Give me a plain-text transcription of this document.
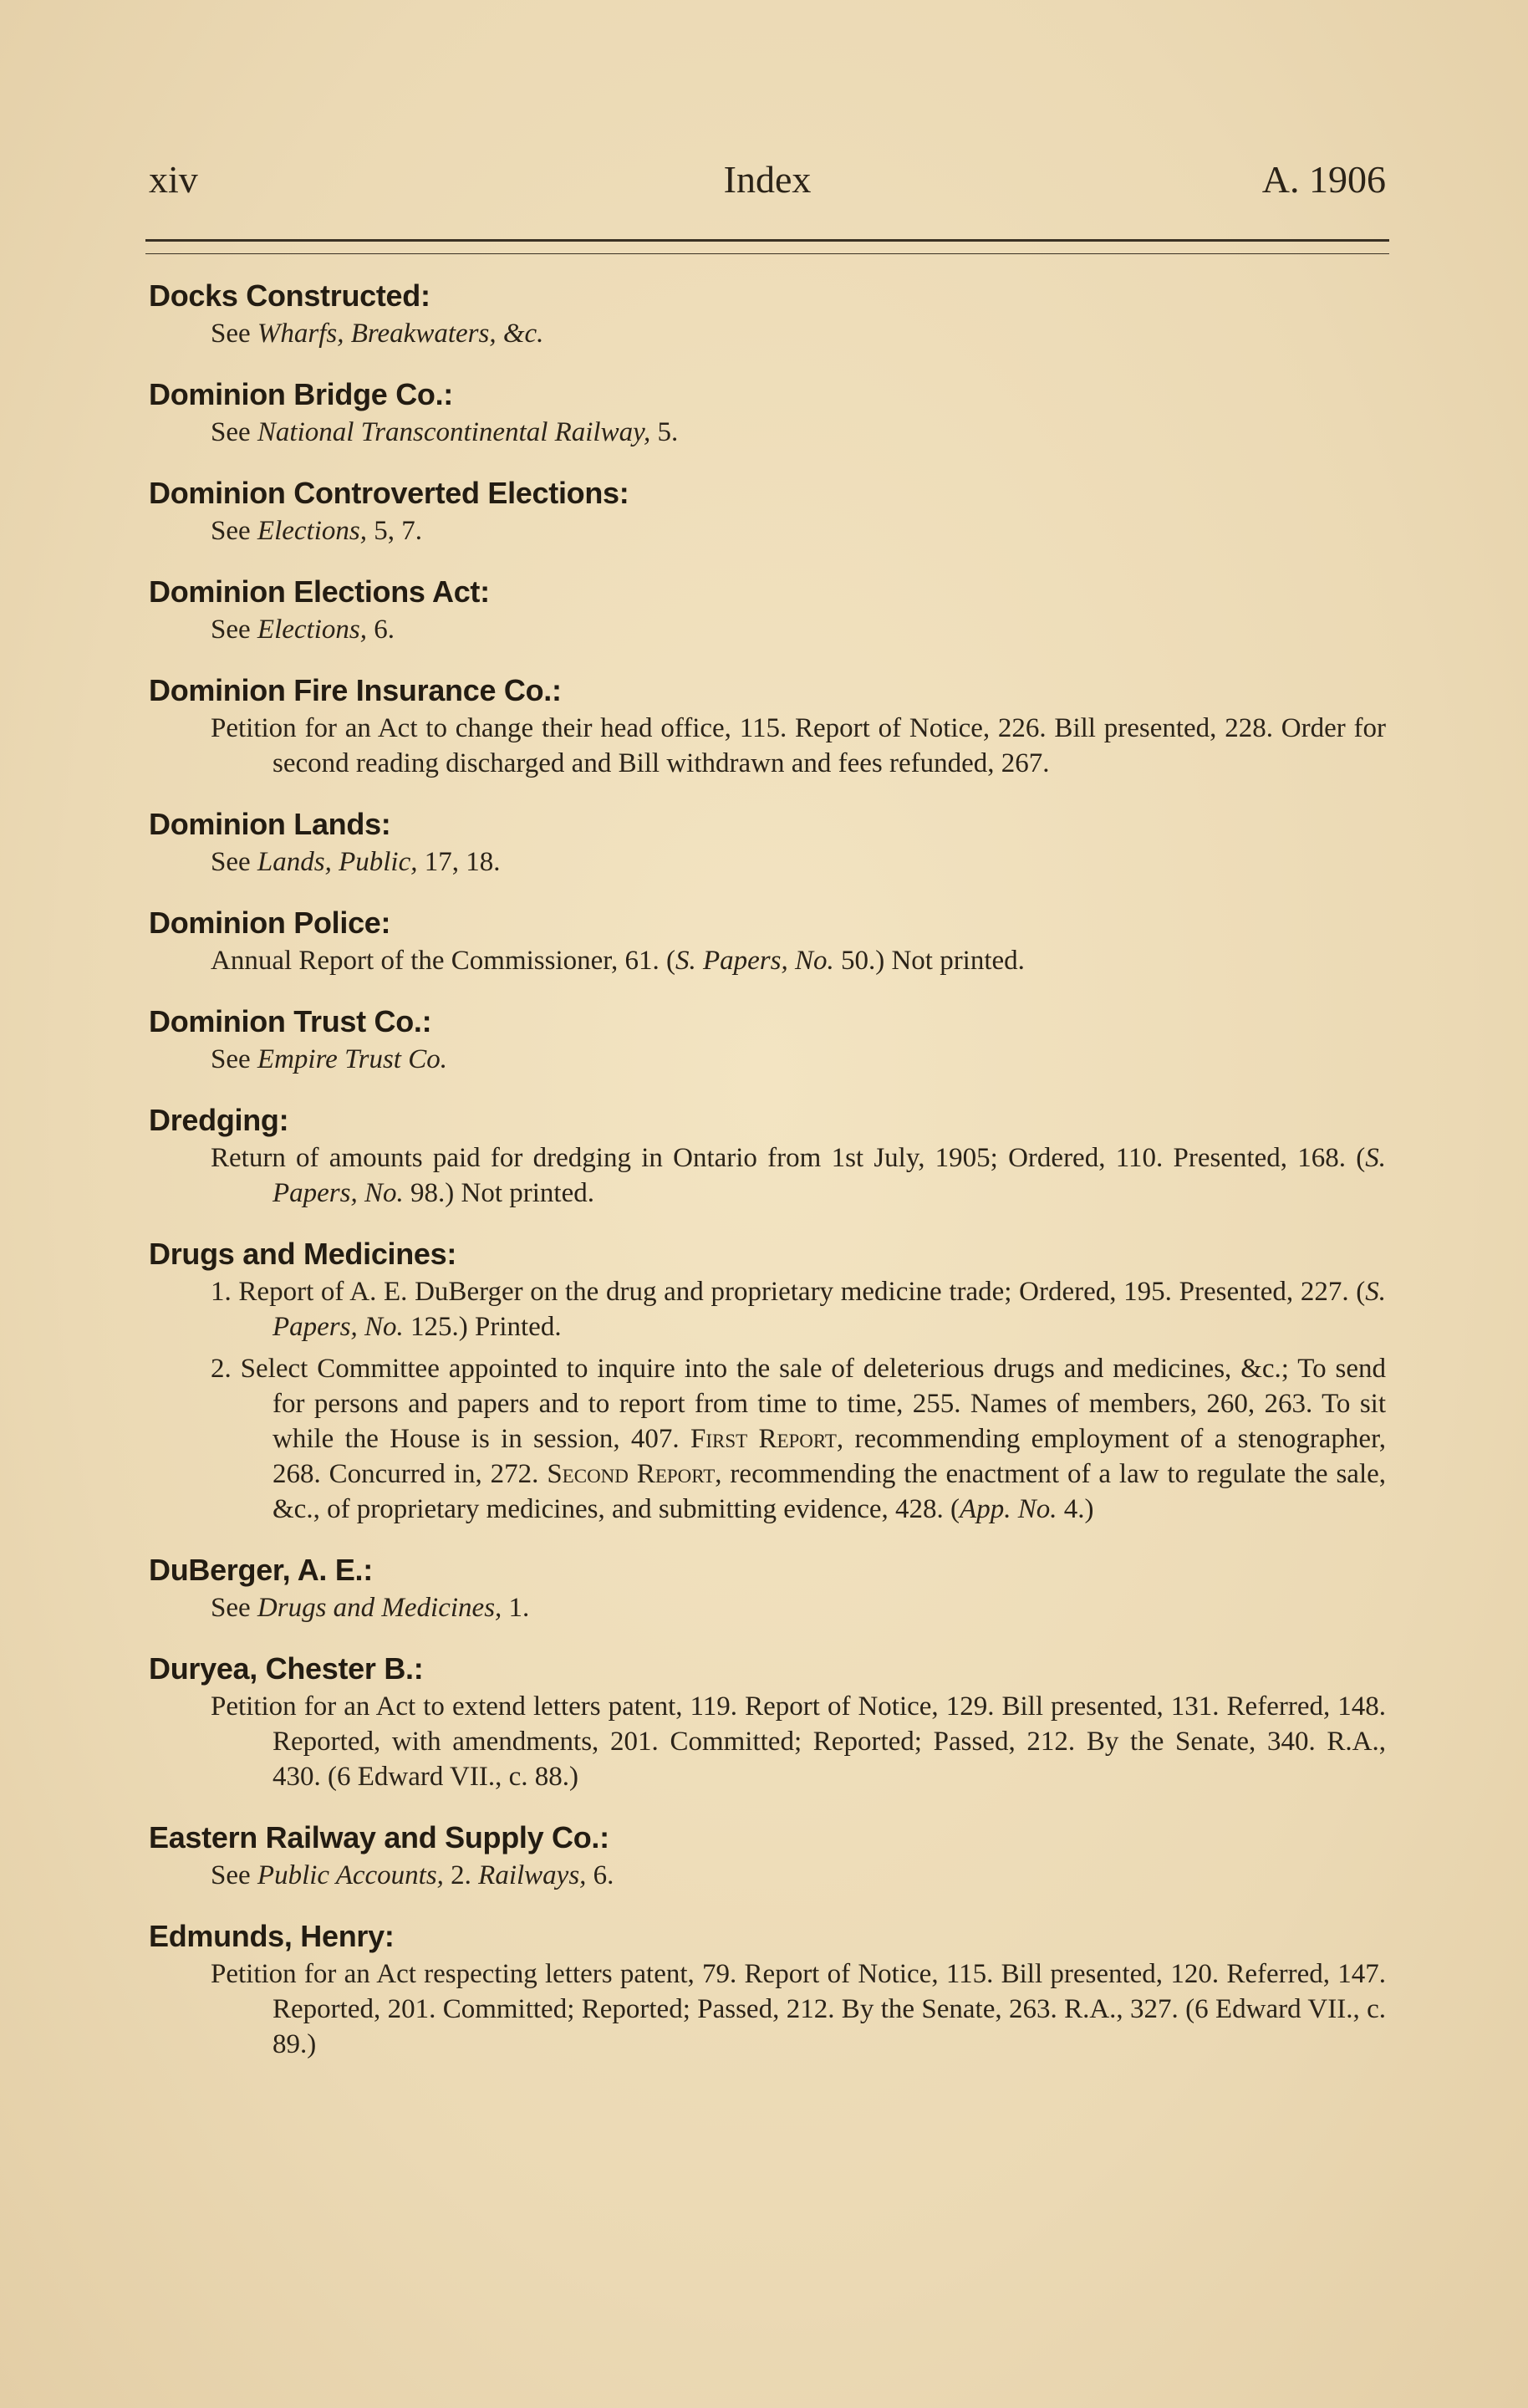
xiv	Index	A. 1906
Docks Constructed:
See Wharfs, Breakwaters, &c.
Dominion Bridge Co.:
See National Transcontinental Railway, 5.
Dominion Controverted Elections:
See Elections, 5, 7.
Dominion Elections Act:
See Elections, 6.
Dominion Fire Insurance Co.:
Petition for an Act to change their head office, 115. Report of Notice, 226. Bill presented, 228. Order for second reading discharged and Bill withdrawn and fees refunded, 267.
Dominion Lands:
See Lands, Public, 17, 18.
Dominion Police:
Annual Report of the Commissioner, 61. (S. Papers, No. 50.) Not printed.
Dominion Trust Co.:
See Empire Trust Co.
Dredging:
Return of amounts paid for dredging in Ontario from 1st July, 1905; Ordered, 110. Presented, 168. (S. Papers, No. 98.) Not printed.
Drugs and Medicines:
1. Report of A. E. DuBerger on the drug and proprietary medicine trade; Ordered, 195. Presented, 227. (S. Papers, No. 125.) Printed.
2. Select Committee appointed to inquire into the sale of deleterious drugs and medicines, &c.; To send for persons and papers and to report from time to time, 255. Names of members, 260, 263. To sit while the House is in session, 407. First Report, recommending employment of a stenographer, 268. Concurred in, 272. Second Report, recommending the enactment of a law to regulate the sale, &c., of proprietary medicines, and submitting evidence, 428. (App. No. 4.)
DuBerger, A. E.:
See Drugs and Medicines, 1.
Duryea, Chester B.:
Petition for an Act to extend letters patent, 119. Report of Notice, 129. Bill presented, 131. Referred, 148. Reported, with amendments, 201. Committed; Reported; Passed, 212. By the Senate, 340. R.A., 430. (6 Edward VII., c. 88.)
Eastern Railway and Supply Co.:
See Public Accounts, 2. Railways, 6.
Edmunds, Henry:
Petition for an Act respecting letters patent, 79. Report of Notice, 115. Bill presented, 120. Referred, 147. Reported, 201. Committed; Reported; Passed, 212. By the Senate, 263. R.A., 327. (6 Edward VII., c. 89.)
